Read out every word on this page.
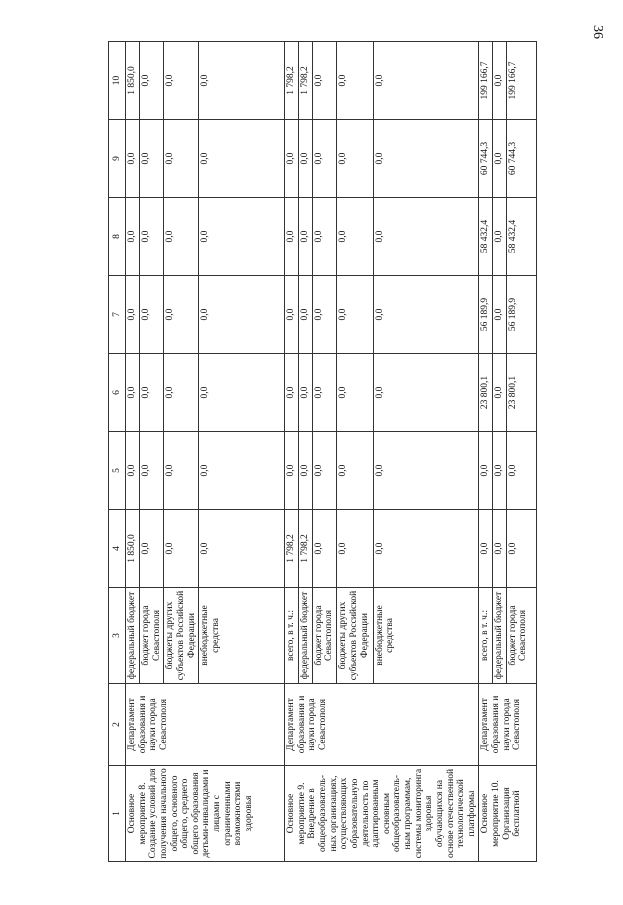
36
1	2	3	4	5	6	7	8	9	10
Основное мероприятие 8. Создание условий для получения начального общего, основного общего, среднего общего образования детьми-инвалидами и лицами с ограниченными возможностями здоровья	Департамент образования и науки города Севастополя	федеральный бюджет	1 850,0	0,0	0,0	0,0	0,0	0,0	1 850,0
		бюджет города Севастополя	0,0	0,0	0,0	0,0	0,0	0,0	0,0
		бюджеты других субъектов Российской Федерации	0,0	0,0	0,0	0,0	0,0	0,0	0,0
		внебюджетные средства	0,0	0,0	0,0	0,0	0,0	0,0	0,0
Основное мероприятие 9. Внедрение в общеобразователь-ных организациях, осуществляющих образовательную деятельность по адаптированным основным общеобразователь-ным программам, системы мониторинга здоровья обучающихся на основе отечественной технологической платформы	Департамент образования и науки города Севастополя	всего, в т. ч.:	1 798,2	0,0	0,0	0,0	0,0	0,0	1 798,2
		федеральный бюджет	1 798,2	0,0	0,0	0,0	0,0	0,0	1 798,2
		бюджет города Севастополя	0,0	0,0	0,0	0,0	0,0	0,0	0,0
		бюджеты других субъектов Российской Федерации	0,0	0,0	0,0	0,0	0,0	0,0	0,0
		внебюджетные средства	0,0	0,0	0,0	0,0	0,0	0,0	0,0
Основное мероприятие 10. Организация бесплатной	Департамент образования и науки города Севастополя	всего, в т. ч.:	0,0	0,0	23 800,1	56 189,9	58 432,4	60 744,3	199 166,7
		федеральный бюджет	0,0	0,0	0,0	0,0	0,0	0,0	0,0
		бюджет города Севастополя	0,0	0,0	23 800,1	56 189,9	58 432,4	60 744,3	199 166,7
